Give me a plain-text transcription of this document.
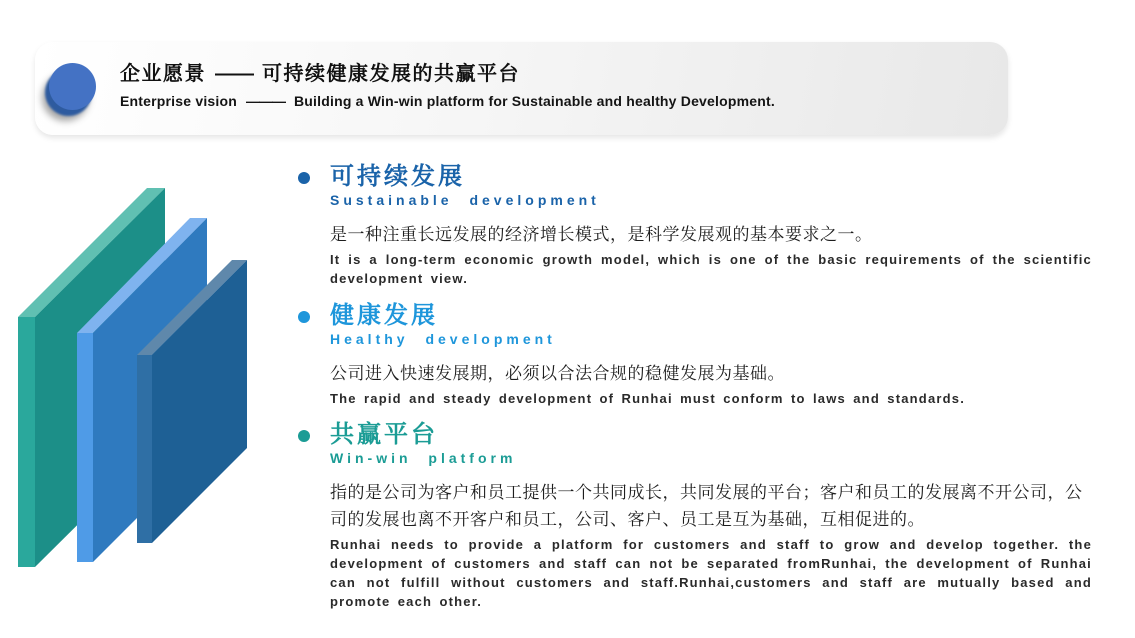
企业愿景 —— 可持续健康发展的共赢平台
Enterprise vision ——— Building a Win-win platform for Sustainable and healthy Development.
可持续发展
Sustainable development
是一种注重长远发展的经济增长模式，是科学发展观的基本要求之一。
It is a long-term economic growth model, which is one of the basic requirements of the scientific development view.
健康发展
Healthy development
公司进入快速发展期，必须以合法合规的稳健发展为基础。
The rapid and steady development of Runhai must conform to laws and standards.
共赢平台
Win-win platform
指的是公司为客户和员工提供一个共同成长，共同发展的平台；客户和员工的发展离不开公司，公司的发展也离不开客户和员工，公司、客户、员工是互为基础，互相促进的。
Runhai needs to provide a platform for customers and staff to grow and develop together. the development of customers and staff can not be separated fromRunhai, the development of Runhai can not fulfill without customers and staff.Runhai,customers and staff are mutually based and promote each other.
